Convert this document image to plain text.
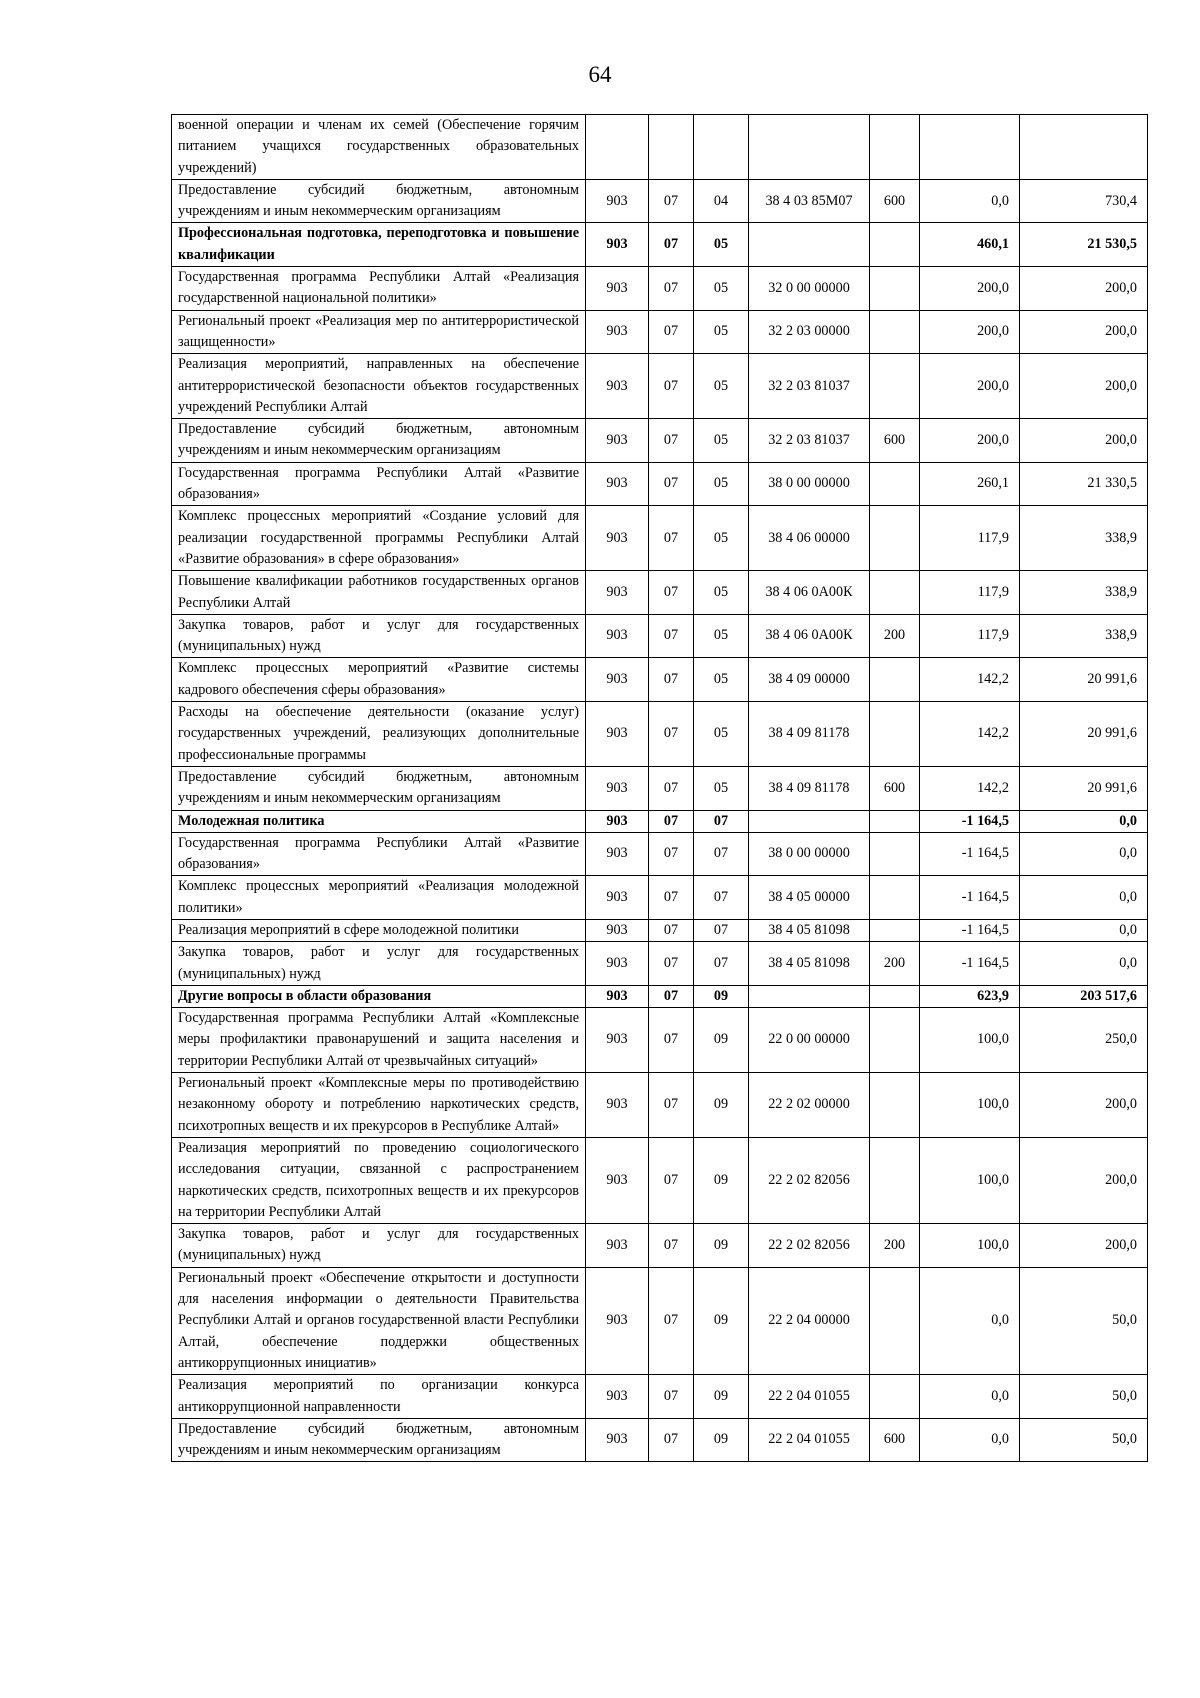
64
военной операции и членам их семей (Обеспечение горячим питанием учащихся государственных образовательных учреждений)							
Предоставление субсидий бюджетным, автономным учреждениям и иным некоммерческим организациям	903	07	04	38 4 03 85М07	600	0,0	730,4
Профессиональная подготовка, переподготовка и повышение квалификации	903	07	05			460,1	21 530,5
Государственная программа Республики Алтай «Реализация государственной национальной политики»	903	07	05	32 0 00 00000		200,0	200,0
Региональный проект «Реализация мер по антитеррористической защищенности»	903	07	05	32 2 03 00000		200,0	200,0
Реализация мероприятий, направленных на обеспечение антитеррористической безопасности объектов государственных учреждений Республики Алтай	903	07	05	32 2 03 81037		200,0	200,0
Предоставление субсидий бюджетным, автономным учреждениям и иным некоммерческим организациям	903	07	05	32 2 03 81037	600	200,0	200,0
Государственная программа Республики Алтай «Развитие образования»	903	07	05	38 0 00 00000		260,1	21 330,5
Комплекс процессных мероприятий «Создание условий для реализации государственной программы Республики Алтай «Развитие образования» в сфере образования»	903	07	05	38 4 06 00000		117,9	338,9
Повышение квалификации работников государственных органов Республики Алтай	903	07	05	38 4 06 0А00К		117,9	338,9
Закупка товаров, работ и услуг для государственных (муниципальных) нужд	903	07	05	38 4 06 0А00К	200	117,9	338,9
Комплекс процессных мероприятий «Развитие системы кадрового обеспечения сферы образования»	903	07	05	38 4 09 00000		142,2	20 991,6
Расходы на обеспечение деятельности (оказание услуг) государственных учреждений, реализующих дополнительные профессиональные программы	903	07	05	38 4 09 81178		142,2	20 991,6
Предоставление субсидий бюджетным, автономным учреждениям и иным некоммерческим организациям	903	07	05	38 4 09 81178	600	142,2	20 991,6
Молодежная политика	903	07	07			-1 164,5	0,0
Государственная программа Республики Алтай «Развитие образования»	903	07	07	38 0 00 00000		-1 164,5	0,0
Комплекс процессных мероприятий «Реализация молодежной политики»	903	07	07	38 4 05 00000		-1 164,5	0,0
Реализация мероприятий в сфере молодежной политики	903	07	07	38 4 05 81098		-1 164,5	0,0
Закупка товаров, работ и услуг для государственных (муниципальных) нужд	903	07	07	38 4 05 81098	200	-1 164,5	0,0
Другие вопросы в области образования	903	07	09			623,9	203 517,6
Государственная программа Республики Алтай «Комплексные меры профилактики правонарушений и защита населения и территории Республики Алтай от чрезвычайных ситуаций»	903	07	09	22 0 00 00000		100,0	250,0
Региональный проект «Комплексные меры по противодействию незаконному обороту и потреблению наркотических средств, психотропных веществ и их прекурсоров в Республике Алтай»	903	07	09	22 2 02 00000		100,0	200,0
Реализация мероприятий по проведению социологического исследования ситуации, связанной с распространением наркотических средств, психотропных веществ и их прекурсоров на территории Республики Алтай	903	07	09	22 2 02 82056		100,0	200,0
Закупка товаров, работ и услуг для государственных (муниципальных) нужд	903	07	09	22 2 02 82056	200	100,0	200,0
Региональный проект «Обеспечение открытости и доступности для населения информации о деятельности Правительства Республики Алтай и органов государственной власти Республики Алтай, обеспечение поддержки общественных антикоррупционных инициатив»	903	07	09	22 2 04 00000		0,0	50,0
Реализация мероприятий по организации конкурса антикоррупционной направленности	903	07	09	22 2 04 01055		0,0	50,0
Предоставление субсидий бюджетным, автономным учреждениям и иным некоммерческим организациям	903	07	09	22 2 04 01055	600	0,0	50,0
